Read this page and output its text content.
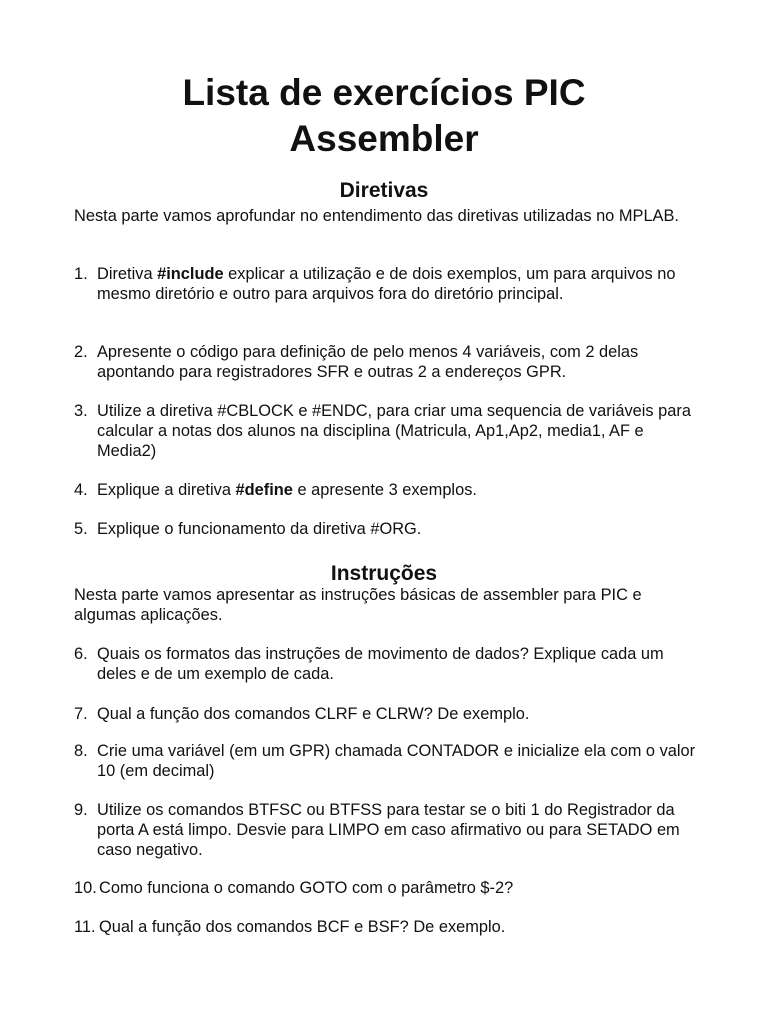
Lista de exercícios PIC
Assembler
Diretivas

Nesta parte vamos aprofundar no entendimento das diretivas utilizadas no MPLAB.

1. Diretiva #include explicar a utilização e de dois exemplos, um para arquivos no mesmo diretório e outro para arquivos fora do diretório principal.
2. Apresente o código para definição de pelo menos 4 variáveis, com 2 delas apontando para registradores SFR e outras 2 a endereços GPR.
3. Utilize a diretiva #CBLOCK e #ENDC, para criar uma sequencia de variáveis para calcular a notas dos alunos na disciplina (Matricula, Ap1,Ap2, media1, AF e Media2)
4. Explique a diretiva #define e apresente 3 exemplos.
5. Explique o funcionamento da diretiva #ORG.
Instruções

Nesta parte vamos apresentar as instruções básicas de assembler para PIC e algumas aplicações.

6. Quais os formatos das instruções de movimento de dados? Explique cada um deles e de um exemplo de cada.
7. Qual a função dos comandos CLRF e CLRW? De exemplo.
8. Crie uma variável (em um GPR) chamada CONTADOR e inicialize ela com o valor 10 (em decimal)
9. Utilize os comandos BTFSC ou BTFSS para testar se o biti 1 do Registrador da porta A está limpo. Desvie para LIMPO em caso afirmativo ou para SETADO em caso negativo.
10. Como funciona o comando GOTO com o parâmetro $-2?
11. Qual a função dos comandos BCF e BSF? De exemplo.
